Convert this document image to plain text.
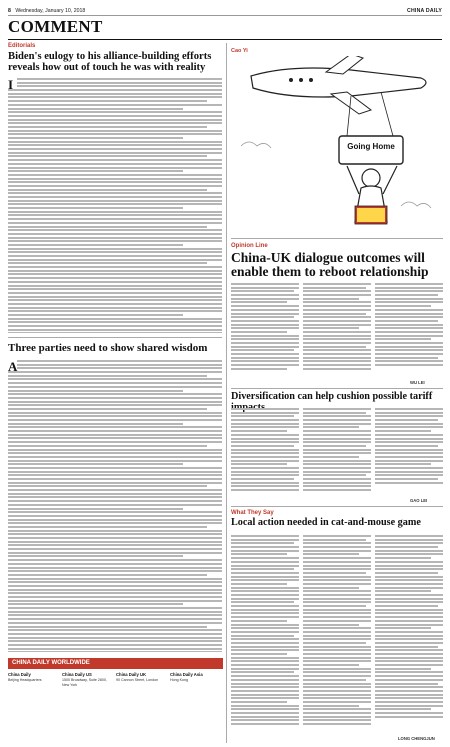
8 Wednesday, January 10, 2018	CHINA DAILY
COMMENT
Editorials
Biden's eulogy to his alliance-building efforts reveals how out of touch he was with reality
I
Three parties need to show shared wisdom
A
Cao Yi
Going Home
Opinion Line
China-UK dialogue outcomes will enable them to reboot relationship
WU LEI
Diversification can help cushion possible tariff
GAO LEI
What They Say
Local action needed in cat-and-mouse game
LONG CHENGJUN
CHINA DAILY WORLDWIDE
China Daily
Beijing Headquarters
China Daily US
1500 Broadway, Suite 2800, New York
China Daily UK
90 Cannon Street, London
China Daily Asia
Hong Kong
